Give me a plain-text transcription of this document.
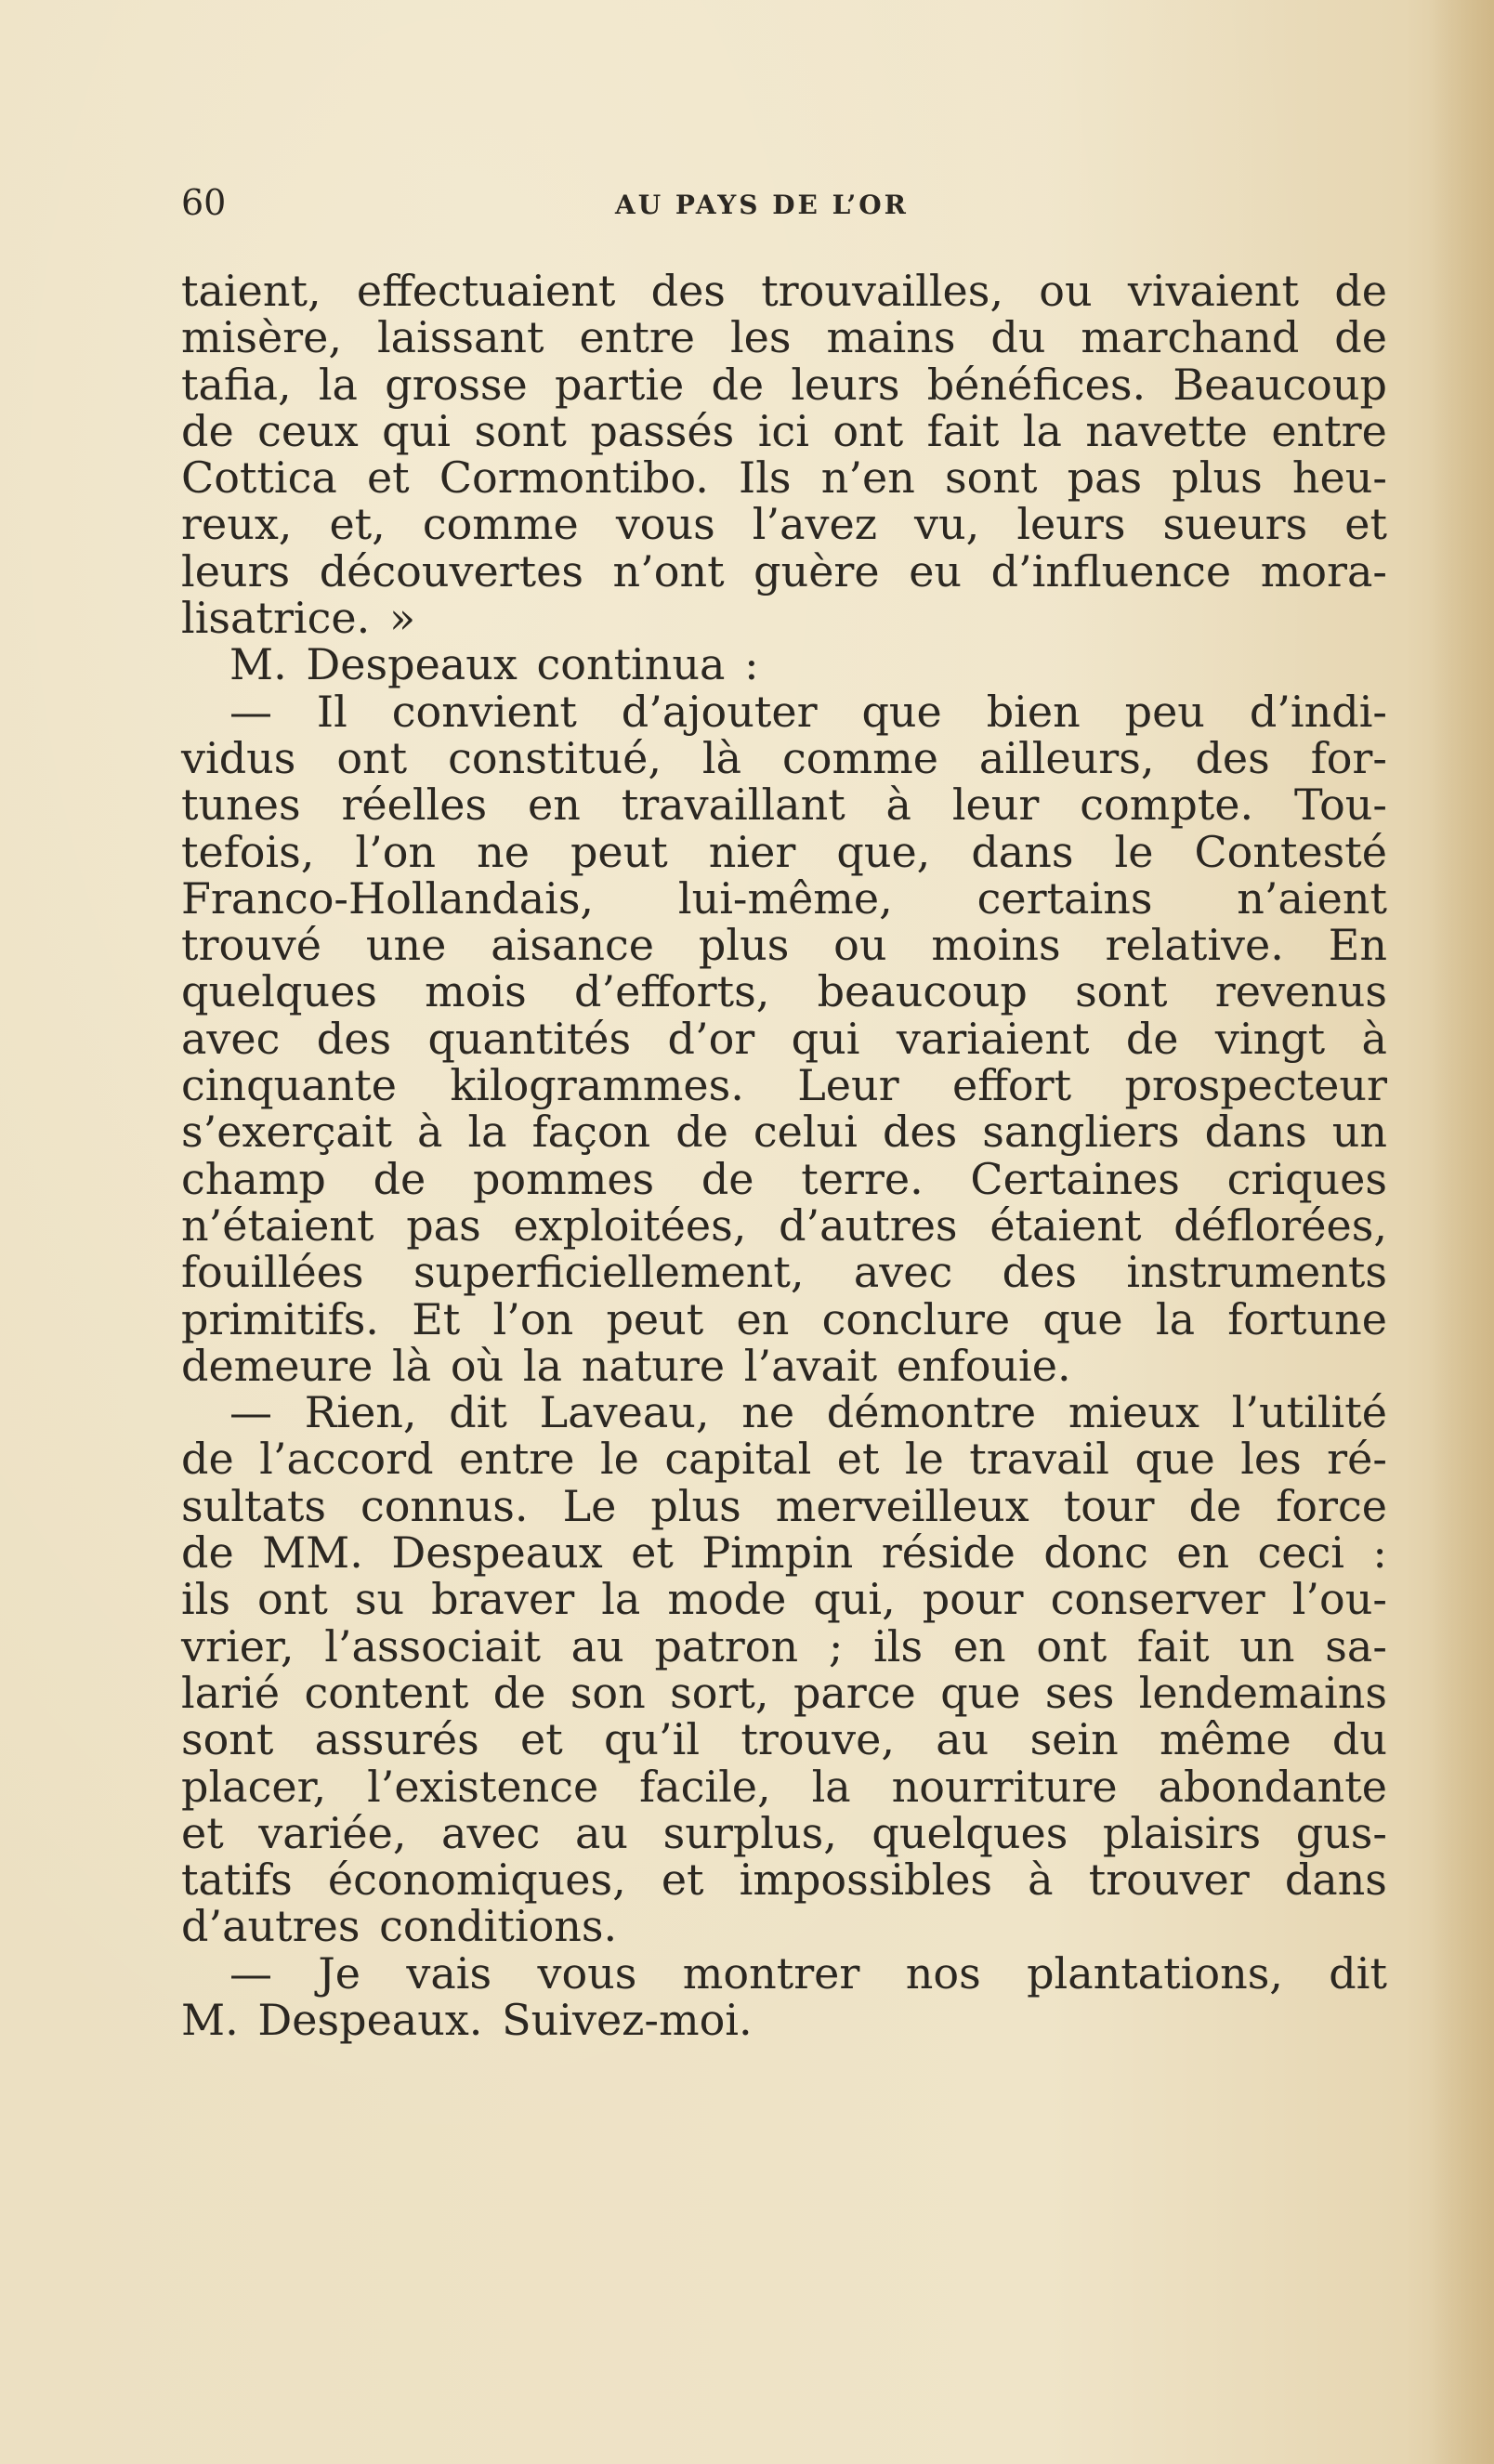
60	AU PAYS DE L’OR
taient, effectuaient des trouvailles, ou vivaient de
misère, laissant entre les mains du marchand de
tafia, la grosse partie de leurs bénéfices. Beaucoup
de ceux qui sont passés ici ont fait la navette entre
Cottica et Cormontibo. Ils n’en sont pas plus heu-
reux, et, comme vous l’avez vu, leurs sueurs et
leurs découvertes n’ont guère eu d’influence mora-
lisatrice. »
M. Despeaux continua :
— Il convient d’ajouter que bien peu d’indi-
vidus ont constitué, là comme ailleurs, des for-
tunes réelles en travaillant à leur compte. Tou-
tefois, l’on ne peut nier que, dans le Contesté
Franco-Hollandais, lui-même, certains n’aient
trouvé une aisance plus ou moins relative. En
quelques mois d’efforts, beaucoup sont revenus
avec des quantités d’or qui variaient de vingt à
cinquante kilogrammes. Leur effort prospecteur
s’exerçait à la façon de celui des sangliers dans un
champ de pommes de terre. Certaines criques
n’étaient pas exploitées, d’autres étaient déflorées,
fouillées superficiellement, avec des instruments
primitifs. Et l’on peut en conclure que la fortune
demeure là où la nature l’avait enfouie.
— Rien, dit Laveau, ne démontre mieux l’utilité
de l’accord entre le capital et le travail que les ré-
sultats connus. Le plus merveilleux tour de force
de MM. Despeaux et Pimpin réside donc en ceci :
ils ont su braver la mode qui, pour conserver l’ou-
vrier, l’associait au patron ; ils en ont fait un sa-
larié content de son sort, parce que ses lendemains
sont assurés et qu’il trouve, au sein même du
placer, l’existence facile, la nourriture abondante
et variée, avec au surplus, quelques plaisirs gus-
tatifs économiques, et impossibles à trouver dans
d’autres conditions.
— Je vais vous montrer nos plantations, dit
M. Despeaux. Suivez-moi.
